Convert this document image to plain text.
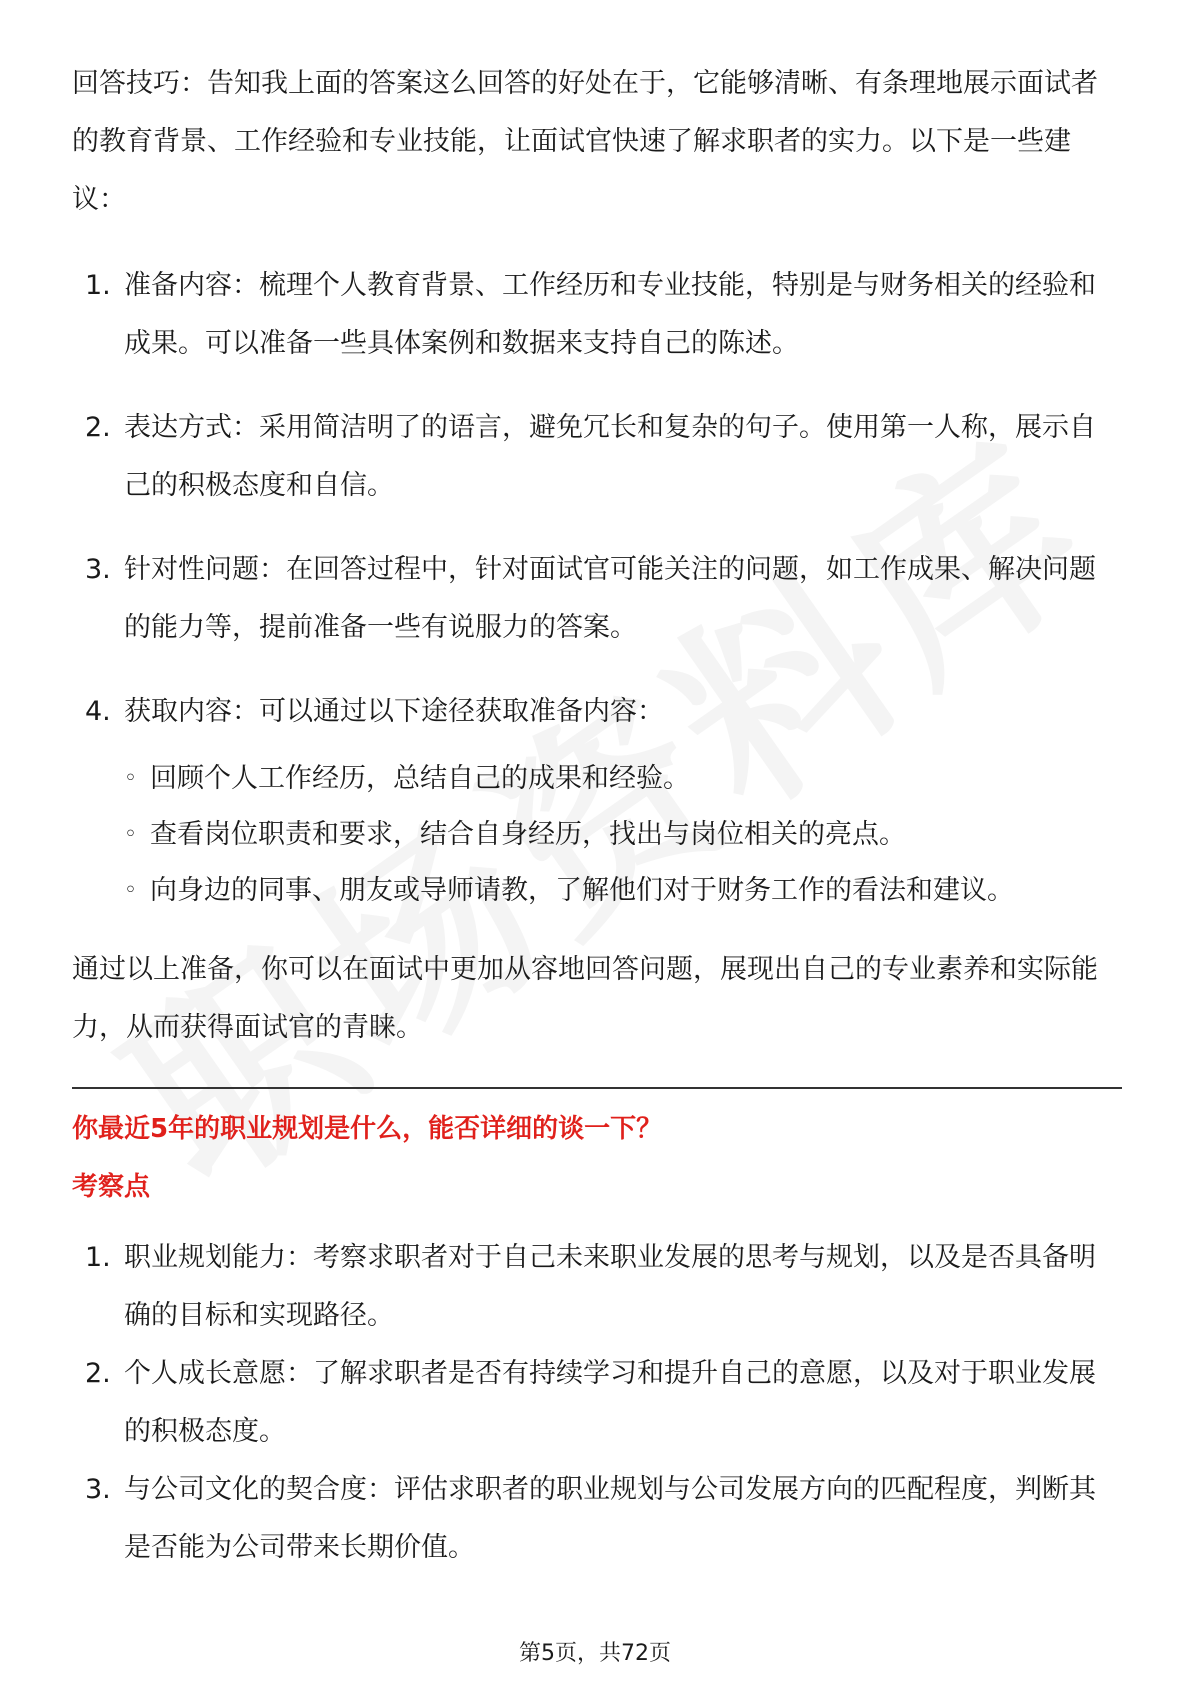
回答技巧：告知我上面的答案这么回答的好处在于，它能够清晰、有条理地展示面试者的教育背景、工作经验和专业技能，让面试官快速了解求职者的实力。以下是一些建议：

1. 准备内容：梳理个人教育背景、工作经历和专业技能，特别是与财务相关的经验和成果。可以准备一些具体案例和数据来支持自己的陈述。
2. 表达方式：采用简洁明了的语言，避免冗长和复杂的句子。使用第一人称，展示自己的积极态度和自信。
3. 针对性问题：在回答过程中，针对面试官可能关注的问题，如工作成果、解决问题的能力等，提前准备一些有说服力的答案。
4. 获取内容：可以通过以下途径获取准备内容：
◦ 回顾个人工作经历，总结自己的成果和经验。
◦ 查看岗位职责和要求，结合自身经历，找出与岗位相关的亮点。
◦ 向身边的同事、朋友或导师请教，了解他们对于财务工作的看法和建议。

通过以上准备，你可以在面试中更加从容地回答问题，展现出自己的专业素养和实际能力，从而获得面试官的青睐。

你最近5年的职业规划是什么，能否详细的谈一下？

考察点

1. 职业规划能力：考察求职者对于自己未来职业发展的思考与规划，以及是否具备明确的目标和实现路径。
2. 个人成长意愿：了解求职者是否有持续学习和提升自己的意愿，以及对于职业发展的积极态度。
3. 与公司文化的契合度：评估求职者的职业规划与公司发展方向的匹配程度，判断其是否能为公司带来长期价值。
第5页，共72页
